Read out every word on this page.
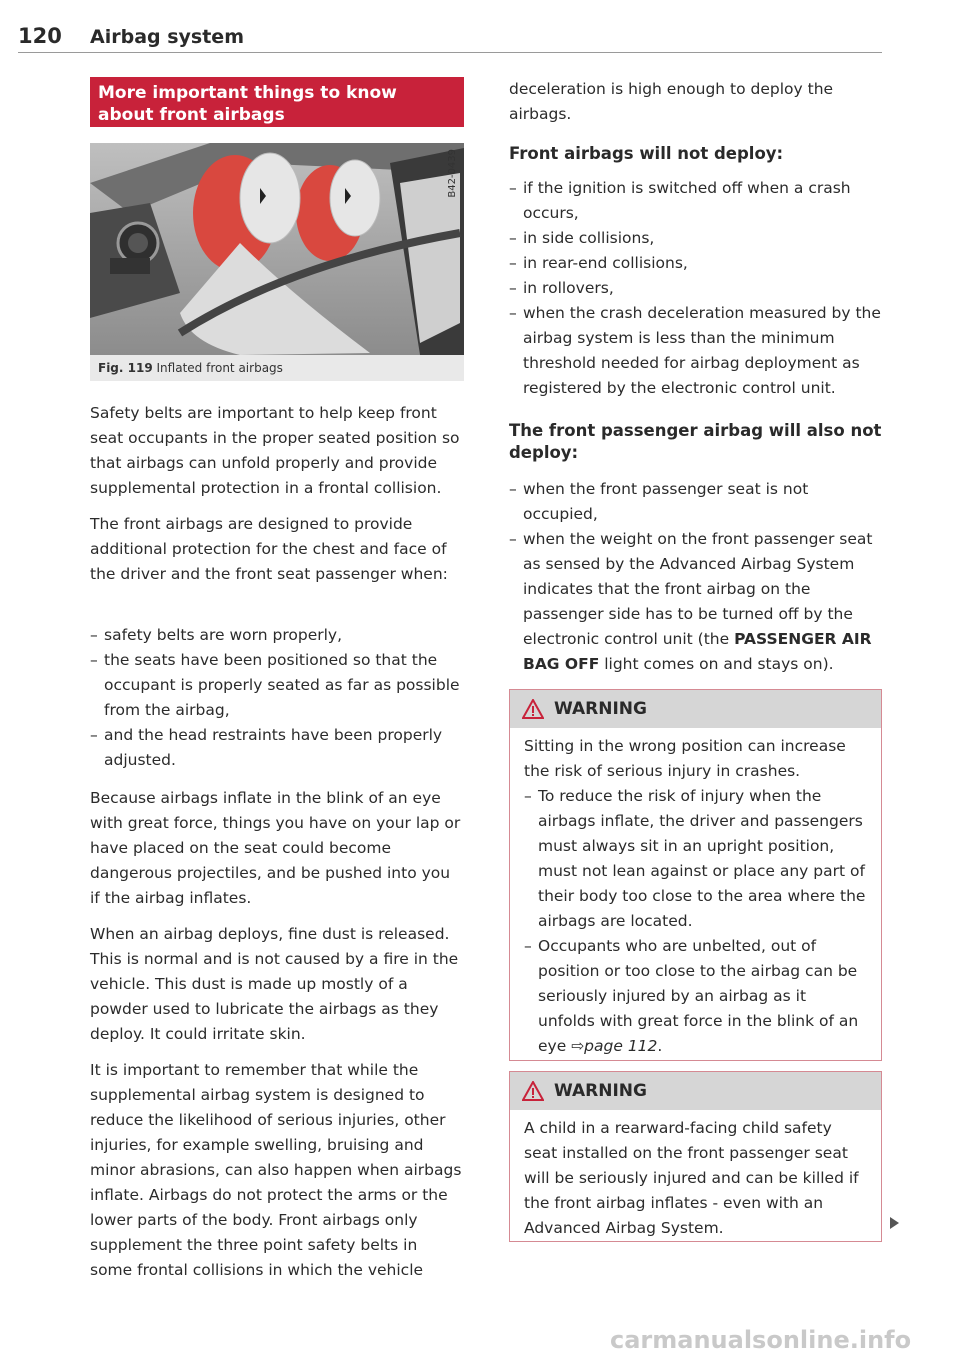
120 Airbag system
More important things to know about front airbags
B42-0439
Fig. 119 Inflated front airbags

Safety belts are important to help keep front seat occupants in the proper seated position so that airbags can unfold properly and provide supplemental protection in a frontal collision.

The front airbags are designed to provide additional protection for the chest and face of the driver and the front seat passenger when:

– safety belts are worn properly,
– the seats have been positioned so that the occupant is properly seated as far as possible from the airbag,
– and the head restraints have been properly adjusted.

Because airbags inflate in the blink of an eye with great force, things you have on your lap or have placed on the seat could become dangerous projectiles, and be pushed into you if the airbag inflates.

When an airbag deploys, fine dust is released. This is normal and is not caused by a fire in the vehicle. This dust is made up mostly of a powder used to lubricate the airbags as they deploy. It could irritate skin.

It is important to remember that while the supplemental airbag system is designed to reduce the likelihood of serious injuries, other injuries, for example swelling, bruising and minor abrasions, can also happen when airbags inflate. Airbags do not protect the arms or the lower parts of the body. Front airbags only supplement the three point safety belts in some frontal collisions in which the vehicle

deceleration is high enough to deploy the airbags.

Front airbags will not deploy:
– if the ignition is switched off when a crash occurs,
– in side collisions,
– in rear-end collisions,
– in rollovers,
– when the crash deceleration measured by the airbag system is less than the minimum threshold needed for airbag deployment as registered by the electronic control unit.
The front passenger airbag will also not deploy:
– when the front passenger seat is not occupied,
– when the weight on the front passenger seat as sensed by the Advanced Airbag System indicates that the front airbag on the passenger side has to be turned off by the electronic control unit (the PASSENGER AIR BAG OFF light comes on and stays on).
WARNING
Sitting in the wrong position can increase the risk of serious injury in crashes.
– To reduce the risk of injury when the airbags inflate, the driver and passengers must always sit in an upright position, must not lean against or place any part of their body too close to the area where the airbags are located.
– Occupants who are unbelted, out of position or too close to the airbag can be seriously injured by an airbag as it unfolds with great force in the blink of an eye ⇨page 112.
WARNING
A child in a rearward-facing child safety seat installed on the front passenger seat will be seriously injured and can be killed if the front airbag inflates - even with an Advanced Airbag System.
carmanualsonline.info
